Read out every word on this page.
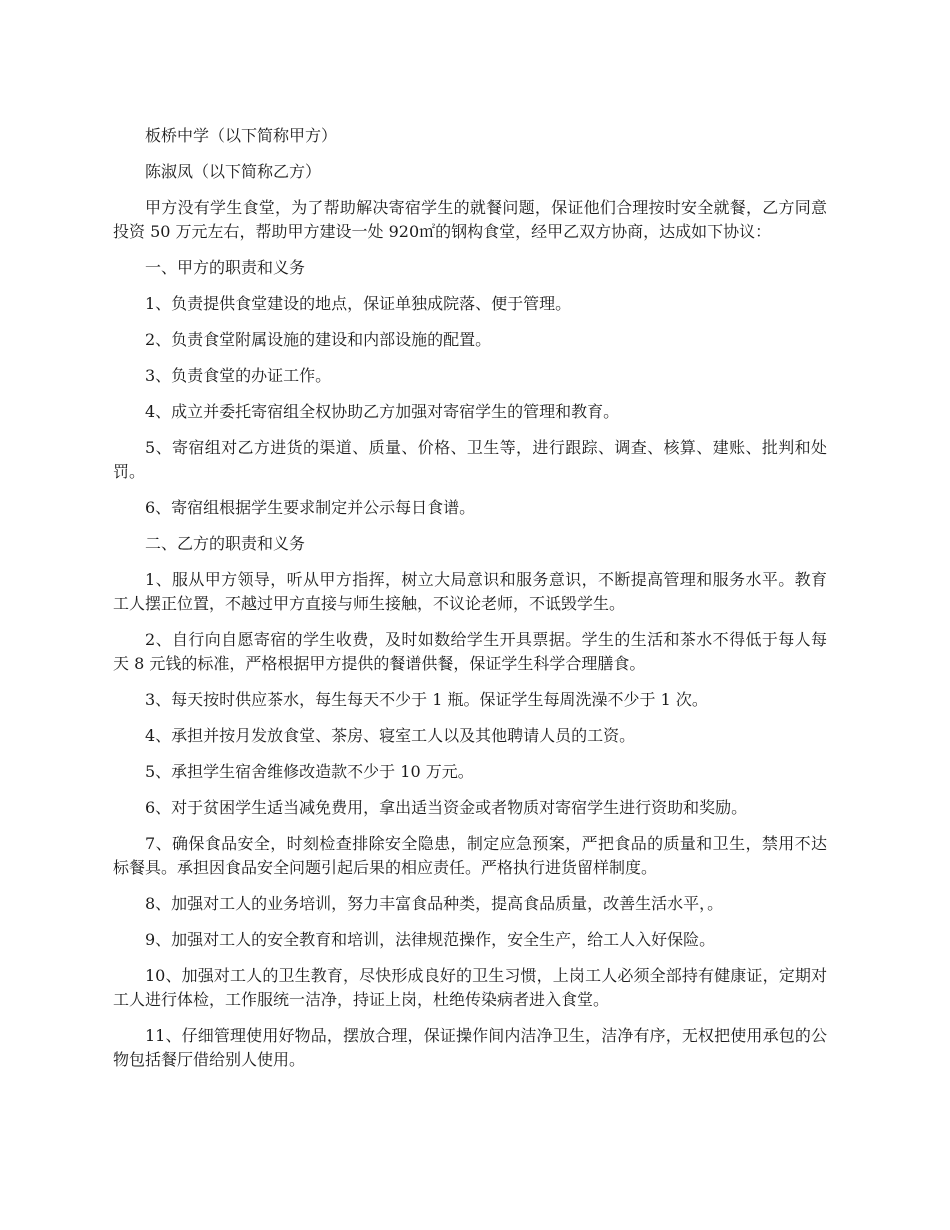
板桥中学（以下简称甲方）

陈淑凤（以下简称乙方）

甲方没有学生食堂，为了帮助解决寄宿学生的就餐问题，保证他们合理按时安全就餐，乙方同意投资 50 万元左右，帮助甲方建设一处 920㎡的钢构食堂，经甲乙双方协商，达成如下协议：

一、甲方的职责和义务

1、负责提供食堂建设的地点，保证单独成院落、便于管理。

2、负责食堂附属设施的建设和内部设施的配置。

3、负责食堂的办证工作。

4、成立并委托寄宿组全权协助乙方加强对寄宿学生的管理和教育。

5、寄宿组对乙方进货的渠道、质量、价格、卫生等，进行跟踪、调查、核算、建账、批判和处罚。

6、寄宿组根据学生要求制定并公示每日食谱。

二、乙方的职责和义务

1、服从甲方领导，听从甲方指挥，树立大局意识和服务意识，不断提高管理和服务水平。教育工人摆正位置，不越过甲方直接与师生接触，不议论老师，不诋毁学生。

2、自行向自愿寄宿的学生收费，及时如数给学生开具票据。学生的生活和茶水不得低于每人每天 8 元钱的标准，严格根据甲方提供的餐谱供餐，保证学生科学合理膳食。

3、每天按时供应茶水，每生每天不少于 1 瓶。保证学生每周洗澡不少于 1 次。

4、承担并按月发放食堂、茶房、寝室工人以及其他聘请人员的工资。

5、承担学生宿舍维修改造款不少于 10 万元。

6、对于贫困学生适当减免费用，拿出适当资金或者物质对寄宿学生进行资助和奖励。

7、确保食品安全，时刻检查排除安全隐患，制定应急预案，严把食品的质量和卫生，禁用不达标餐具。承担因食品安全问题引起后果的相应责任。严格执行进货留样制度。

8、加强对工人的业务培训，努力丰富食品种类，提高食品质量，改善生活水平，。

9、加强对工人的安全教育和培训，法律规范操作，安全生产，给工人入好保险。

10、加强对工人的卫生教育，尽快形成良好的卫生习惯，上岗工人必须全部持有健康证，定期对工人进行体检，工作服统一洁净，持证上岗，杜绝传染病者进入食堂。

11、仔细管理使用好物品，摆放合理，保证操作间内洁净卫生，洁净有序，无权把使用承包的公物包括餐厅借给别人使用。
